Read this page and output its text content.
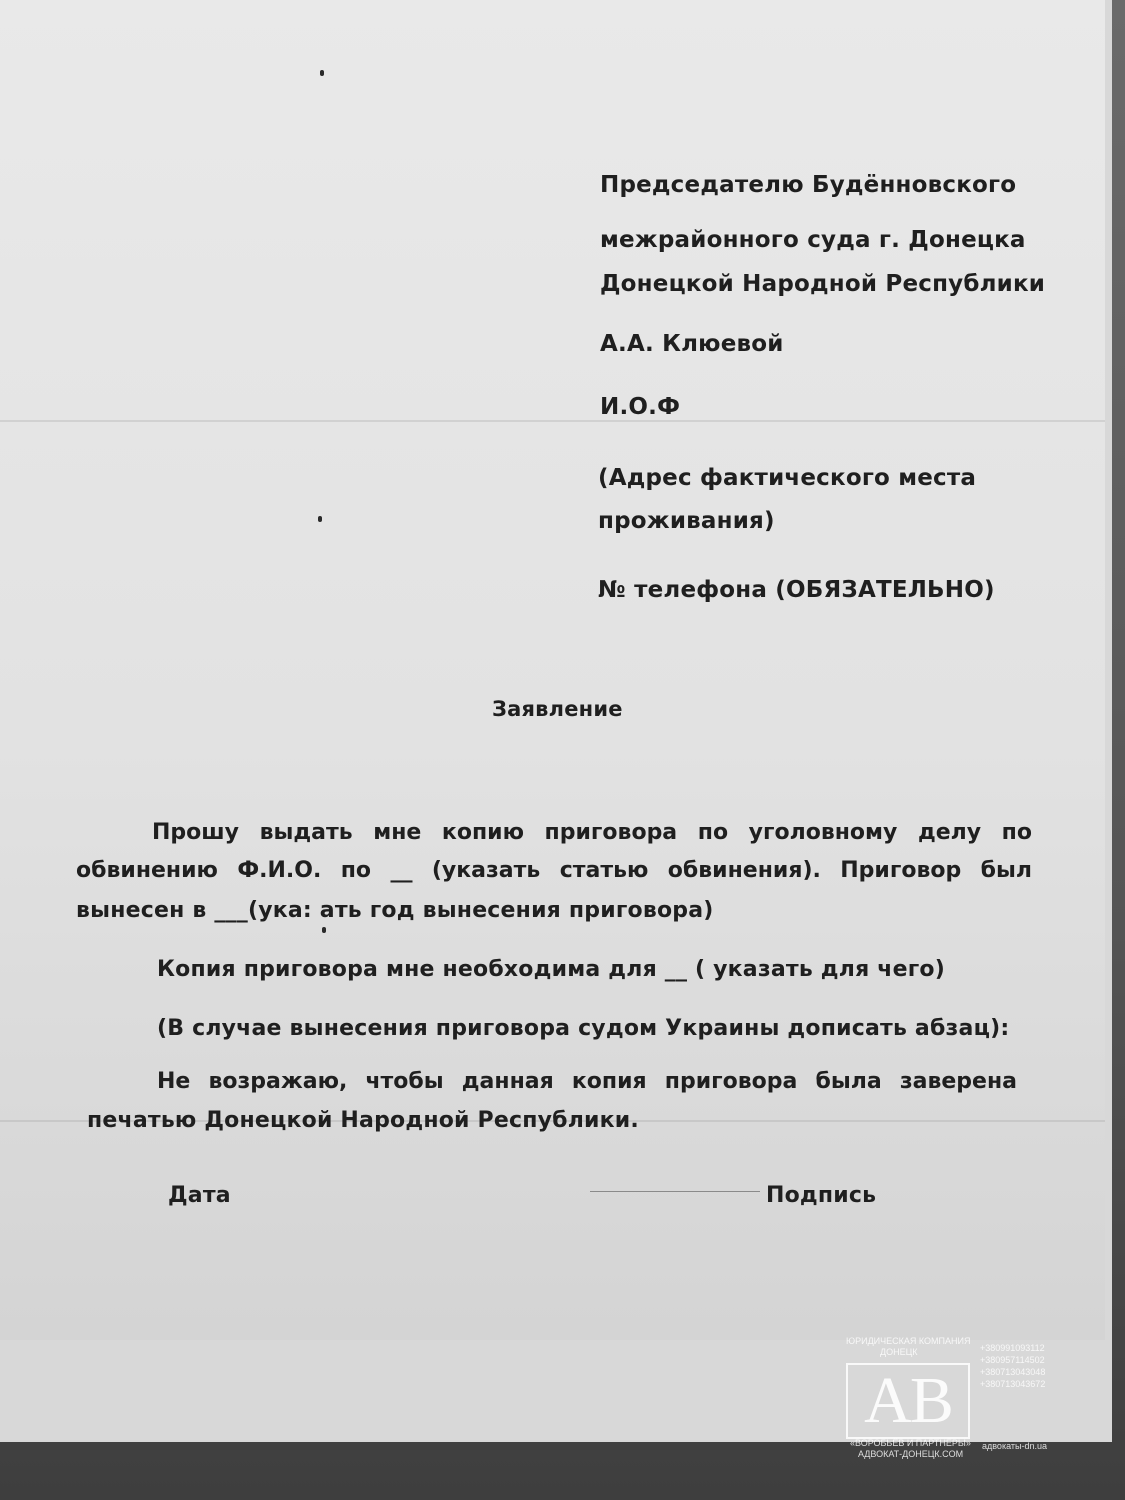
Председателю Будённовского
межрайонного суда г. Донецка
Донецкой Народной Республики
А.А. Клюевой
И.О.Ф
(Адрес фактического места
проживания)
№ телефона (ОБЯЗАТЕЛЬНО)
Заявление
Прошу выдать мне копию приговора по уголовному делу по
обвинению Ф.И.О. по __ (указать статью обвинения). Приговор был
вынесен в ___(ука: ать год вынесения приговора)
Копия приговора мне необходима для __ ( указать для чего)
(В случае вынесения приговора судом Украины дописать абзац):
Не возражаю, чтобы данная копия приговора была заверена
печатью Донецкой Народной Республики.
Дата	Подпись
ЮРИДИЧЕСКАЯ КОМПАНИЯ
ДОНЕЦК
AB
+380991093112
+380957114502
+380713043048
+380713043672
«ВОРОБЬЁВ И ПАРТНЁРЫ»
АДВОКАТ-ДОНЕЦК.COM
адвокаты-dn.ua
